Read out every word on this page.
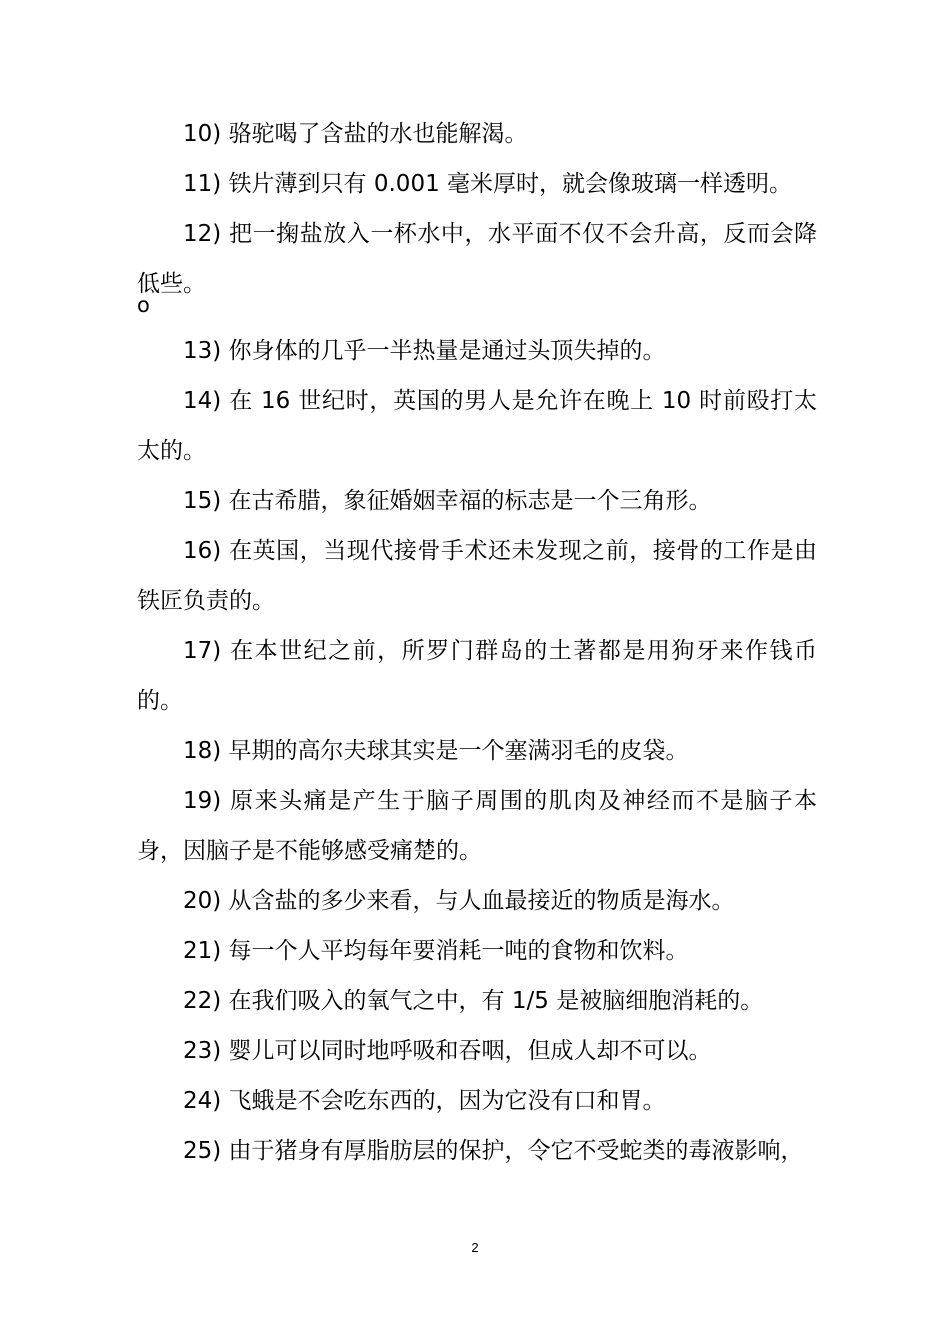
10) 骆驼喝了含盐的水也能解渴。

11) 铁片薄到只有 0.001 毫米厚时，就会像玻璃一样透明。

12) 把一掬盐放入一杯水中，水平面不仅不会升高，反而会降低些。

o

13) 你身体的几乎一半热量是通过头顶失掉的。

14) 在 16 世纪时，英国的男人是允许在晚上 10 时前殴打太太的。

15) 在古希腊，象征婚姻幸福的标志是一个三角形。

16) 在英国，当现代接骨手术还未发现之前，接骨的工作是由铁匠负责的。

17) 在本世纪之前，所罗门群岛的土著都是用狗牙来作钱币的。

18) 早期的高尔夫球其实是一个塞满羽毛的皮袋。

19) 原来头痛是产生于脑子周围的肌肉及神经而不是脑子本身，因脑子是不能够感受痛楚的。

20) 从含盐的多少来看，与人血最接近的物质是海水。

21) 每一个人平均每年要消耗一吨的食物和饮料。

22) 在我们吸入的氧气之中，有 1/5 是被脑细胞消耗的。

23) 婴儿可以同时地呼吸和吞咽，但成人却不可以。

24) 飞蛾是不会吃东西的，因为它没有口和胃。

25) 由于猪身有厚脂肪层的保护，令它不受蛇类的毒液影响，

2
